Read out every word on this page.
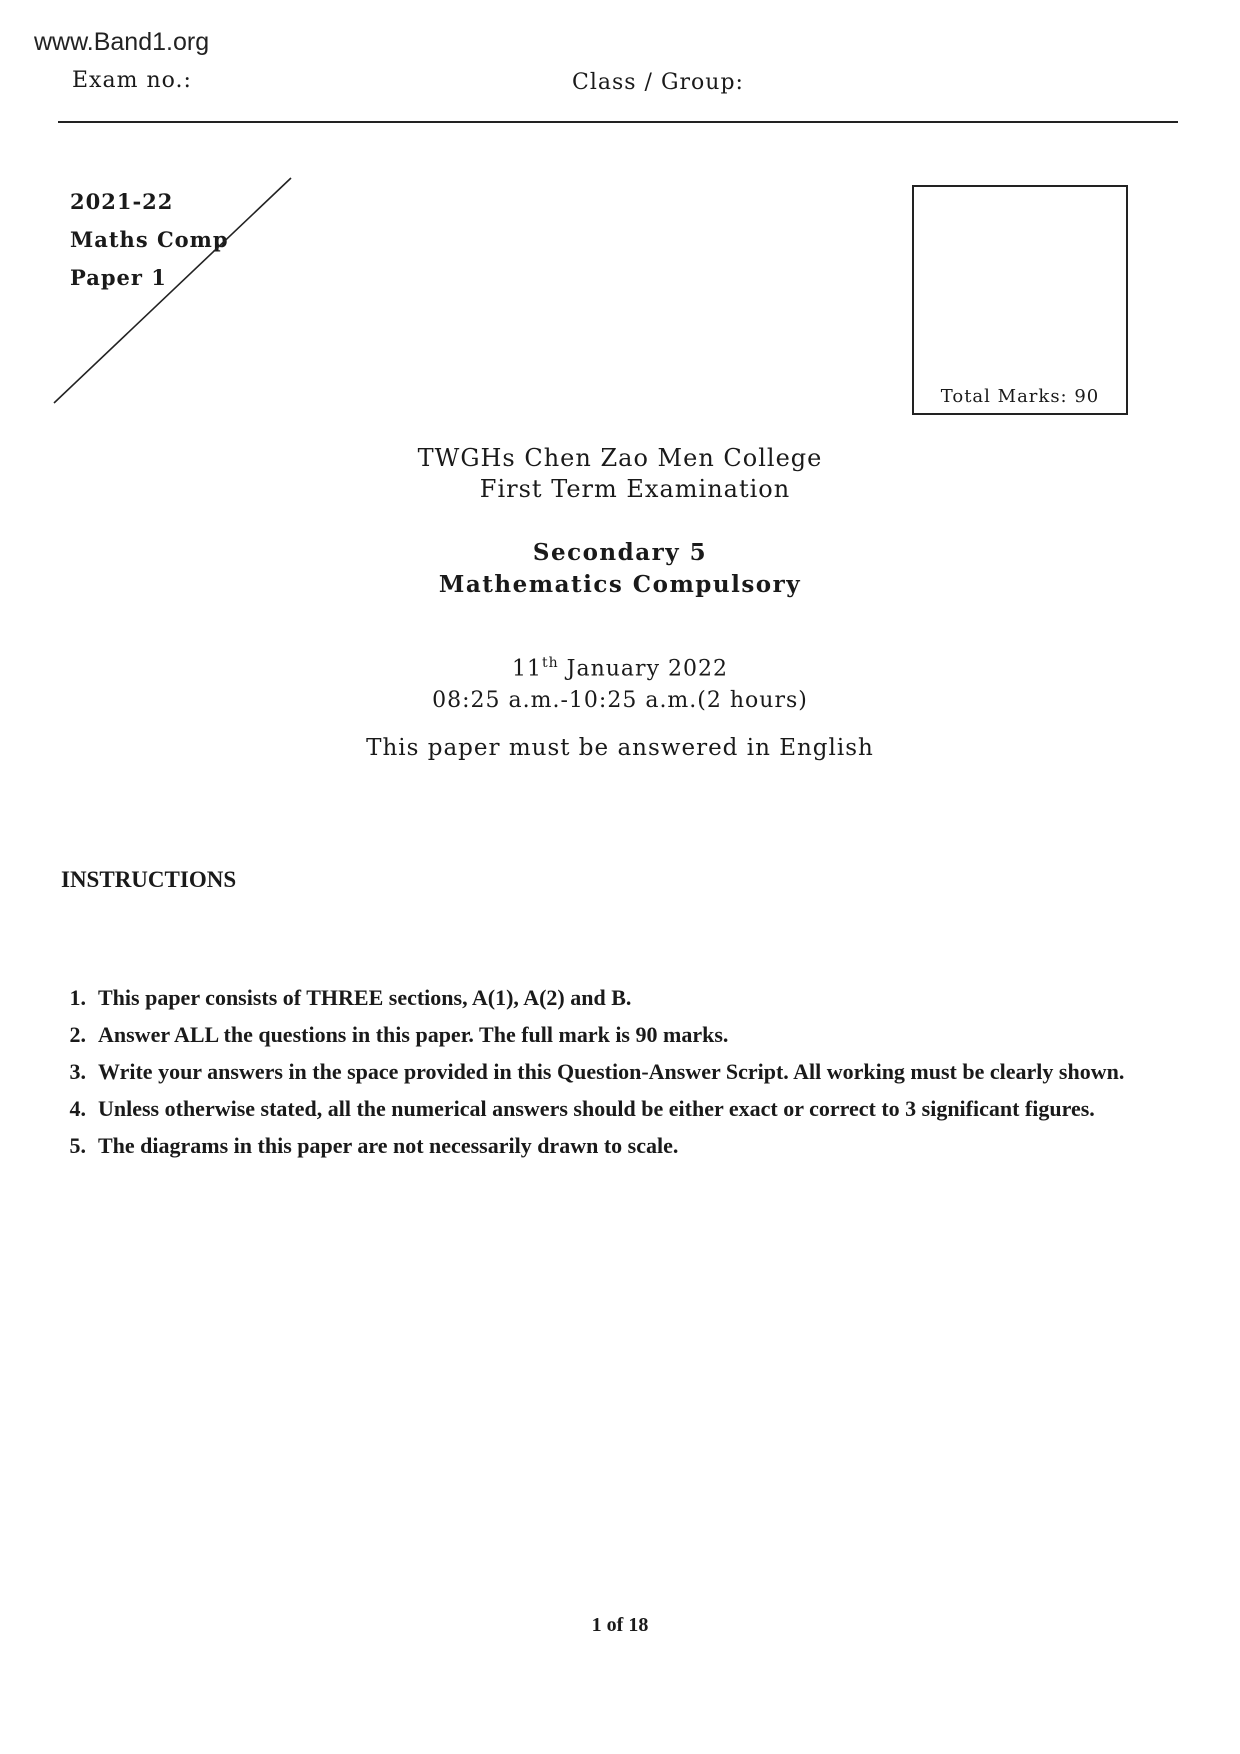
www.Band1.org
Exam no.:	Class / Group:
2021-22
Maths Comp
Paper 1
Total Marks: 90
TWGHs Chen Zao Men College
First Term Examination
Secondary 5
Mathematics Compulsory
11th January 2022
08:25 a.m.-10:25 a.m.(2 hours)
This paper must be answered in English
INSTRUCTIONS
1. This paper consists of THREE sections, A(1), A(2) and B.
2. Answer ALL the questions in this paper. The full mark is 90 marks.
3. Write your answers in the space provided in this Question-Answer Script. All working must be clearly shown.
4. Unless otherwise stated, all the numerical answers should be either exact or correct to 3 significant figures.
5. The diagrams in this paper are not necessarily drawn to scale.
1 of 18
